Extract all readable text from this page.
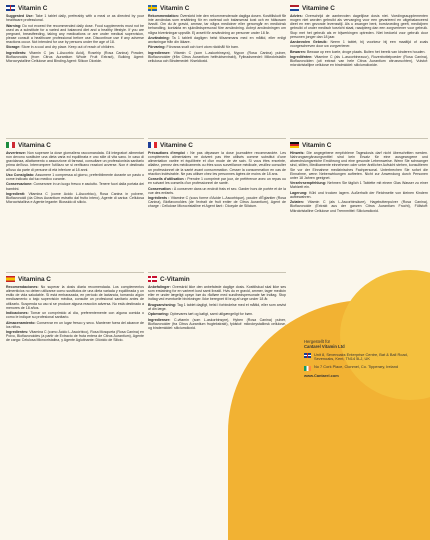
Vitamin C

Suggested Use: Take 1 tablet daily, preferably with a meal or as directed by your healthcare professional.

Warning: Do not exceed the recommended daily dose. Food supplements must not be used as a substitute for a varied and balanced diet and a healthy lifestyle. If you are pregnant, breastfeeding, taking any medications or are under medical supervision, please consult a healthcare professional before use. Discontinue use if any adverse reactions occur. Not intended for use by persons under the age of 18.

Storage: Store in a cool and dry place. Keep out of reach of children.

Ingredients: Vitamin C (as L-Ascorbic Acid), Rosehip (Rosa Canina) Powder, Bioflavonoids (from Citrus Aurantium Whole Fruit Extract), Bulking Agent: Microcrystalline Cellulose and Binding Agent: Silicon Dioxide.

Vitamina C

Avvertenze: Non superare la dose giornaliera raccomandata. Gli integratori alimentari non devono sostituire una dieta varia ed equilibrata e uno stile di vita sano. In caso di gravidanza, allattamento o assunzione di farmaci, consultare un professionista sanitario prima dell'uso. Interrompere l'utilizzo se si verificano reazioni avverse. Non è destinato all'uso da parte di persone di età inferiore ai 18 anni.

Uso Consigliato: Assumere 1 compressa al giorno, preferibilmente durante un pasto o come indicato dal tuo medico curante.

Conservazione: Conservare in un luogo fresco e asciutto. Tenere fuori dalla portata dei bambini.

Ingredienti: Vitamina C (come Acido L-Ascorbico), Rosa Canina in polvere, Bioflavonoidi (da Citrus Aurantium estratto dal frutto intero), Agente di carica: Cellulosa Microcristallina e Agente legante: Biossido di silicio.

Vitamina C

Recomendaciones: No superar la dosis diaria recomendada. Los complementos alimenticios no deben utilizarse como sustitutos de una dieta variada y equilibrada y un estilo de vida saludable. Si está embarazada, en período de lactancia, tomando algún medicamento o bajo supervisión médica, consulte un profesional sanitario antes de utilizarlo. Suspenda su uso si se produce alguna reacción adversa. No está destinado a menores de 18 años.

Indicaciones: Tomar un comprimido al día, preferentemente con alguna comida o como le indique su profesional sanitario.

Almacenamiento: Conservar en un lugar fresco y seco. Mantener fuera del alcance de los niños.

Ingredientes: Vitamina C (como Ácido L-Ascórbico), Rosa Mosqueta (Rosa Canina) en Polvo, Bioflavonoides (a partir de Extracto de fruta entera de Citrus Aurantium), Agente de carga: Celulosa Microcristalina, y Agente Aglutinante: Dióxido de Silicio.

Vitamin C

Rekommendation: Överskrid inte den rekommenderade dagliga dosen. Kosttillskott får inte användas som ersättning för en varierad och balanserad kost och en hälsosam livsstil. Om du är gravid, ammar, tar några mediciner eller genomgår en medicinsk behandling, kontakta en sjukvårdspersonal före användning. Avbryt användningen om några biverkningar uppstår. Ej avsett för användning av personer under 18 år.

Användning: Ta 1 tablett dagligen helst tillsammans med en måltid, eller enligt anvisningar från din läkare.

Förvaring: Förvaras svalt och torrt utom räckhåll för barn.

Ingredienser: Vitamin C (som L-askorbinsyra), Nypon (Rosa Canina) pulver, Bioflavonoider (från Citrus Aurantium helfruktsextrakt), Fyllnadsmedel: Mikrokristallin cellulosa och Bindemedel: Kiseldioxid.

Vitamine C

Précautions d'emploi : Ne pas dépasser la dose journalière recommandée. Les compléments alimentaires ne doivent pas être utilisés comme substitut d'une alimentation variée et équilibrée et d'un mode de vie sain. Si vous êtes enceinte, allaitez, prenez des médicaments ou êtes sous surveillance médicale, veuillez consulter un professionnel de la santé avant consommation. Cesser la consommation en cas de réaction indésirable. Ne pas utiliser chez les personnes âgées de moins de 18 ans.

Conseils d'utilisation : Prendre 1 comprimé par jour, de préférence avec un repas ou en suivant les conseils d'un professionnel de santé.

Conservation : À conserver dans un endroit frais et sec. Garder hors de portée et de la vue des enfants.

Ingrédients : Vitamine C (sous forme d'Acide L-Ascorbique), poudre d'Églantier (Rosa Canina), Bioflavonoïdes (de l'extrait de fruit entier de Citrus Aurantium), Agent de charge : Cellulose Microcristalline et Agent liant : Dioxyde de Silicium.

C-Vitamin

Anbefalinger: Overskrid ikke den anbefalede daglige dosis. Kosttilskud skal ikke ses som erstatning for en varieret kost samt livsstil. Hvis du er gravid, ammer, tager medicin eller er under lægeligt opsyn bør du rådføre med sundhedspersonale før indtag. Stop indtag ved eventuelle bivirkninger. Ikke beregnet til brug af unge under 18 år.

Brugsanvisning: Tag 1 tablet dagligt, helst i forbindelse med et måltid, eller som anvist af din læge.

Opbevaring: Opbevares tørt og køligt, samt utilgængeligt for børn.

Ingredienser: C-vitamin (som L-askorbinsyre), Hyben (Rosa Canina) pulver, Bioflavonoider (fra Citrus Aurantium frugtekstrakt), fyldstof: mikrokrystallinsk cellulose, og bindemiddel: siliciumdioxid.

Vitamine C

Advies: Overschrijd de aanbevolen dagelijkse dosis niet. Voedingssupplementen mogen niet worden gebruikt als vervanging voor een gevarieerd en uitgebalanceerd dieet en een gezonde levensstijl. Als u zwanger bent, borstvoeding geeft, medicijnen gebruikt of onder medisch toezicht staat, raadpleeg dan een zorgverlener voor gebruik. Stop met het gebruik als er bijwerkingen optreden. Niet bedoeld voor gebruik door personen jonger dan 18 jaar.

Aanbevolen Gebruik: Neem 1 tablet, bij voorkeur bij een maaltijd of zoals voorgeschreven door uw zorgverlener.

Bewaren: Bewaar op een koele, droge plaats. Buiten het bereik van kinderen houden.

Ingrediënten: Vitamine C (als L-ascorbinezuur), Rozenbottelpoeder (Rosa Canina), Bioflavonoïden (uit extract van hele Citrus Aurantium citrusvruchten), Vulstof: microkristallijne cellulose en bindmiddel: siliciumdioxide.

Vitamin C

Hinweis: Die angegebene empfohlene Tagesdosis darf nicht überschritten werden. Nahrungsergänzungsmittel sind kein Ersatz für eine ausgewogene und abwechslungsreiche Ernährung und eine gesunde Lebensweise. Wenn Sie schwanger sind, stillen, Medikamente einnehmen oder unter ärztlicher Aufsicht stehen, konsultieren Sie vor der Einnahme medizinisches Fachpersonal. Unterbrechen Sie sofort die Einnahme, wenn Nebenwirkungen auftreten. Nicht zur Anwendung durch Personen unter 18 Jahren geeignet.

Verzehrsempfehlung: Nehmen Sie täglich 1 Tablette mit einem Glas Wasser zu einer Mahlzeit ein.

Lagerung: Kühl und trocken lagern. Außerhalb der Reichweite von kleinen Kindern aufbewahren.

Zutaten: Vitamin C (als L-Ascorbinsäure), Hagebuttenpulver (Rosa Canina), Bioflavonoide (Extrakt aus der ganzen Citrus Aurantium Frucht), Füllstoff: Mikrokristalline Cellulose und Trennmittel: Siliciumdioxid.

Hergestellt für
Cantarel Vitamin Ltd
Unit 8, Sevenoaks Enterprise Centre, Bat & Ball Road, Sevenoaks, Kent, TN14 5LJ, UK
No 7 Cork Place, Clonmel, Co. Tipperary, Ireland
www.Cantarel.com
